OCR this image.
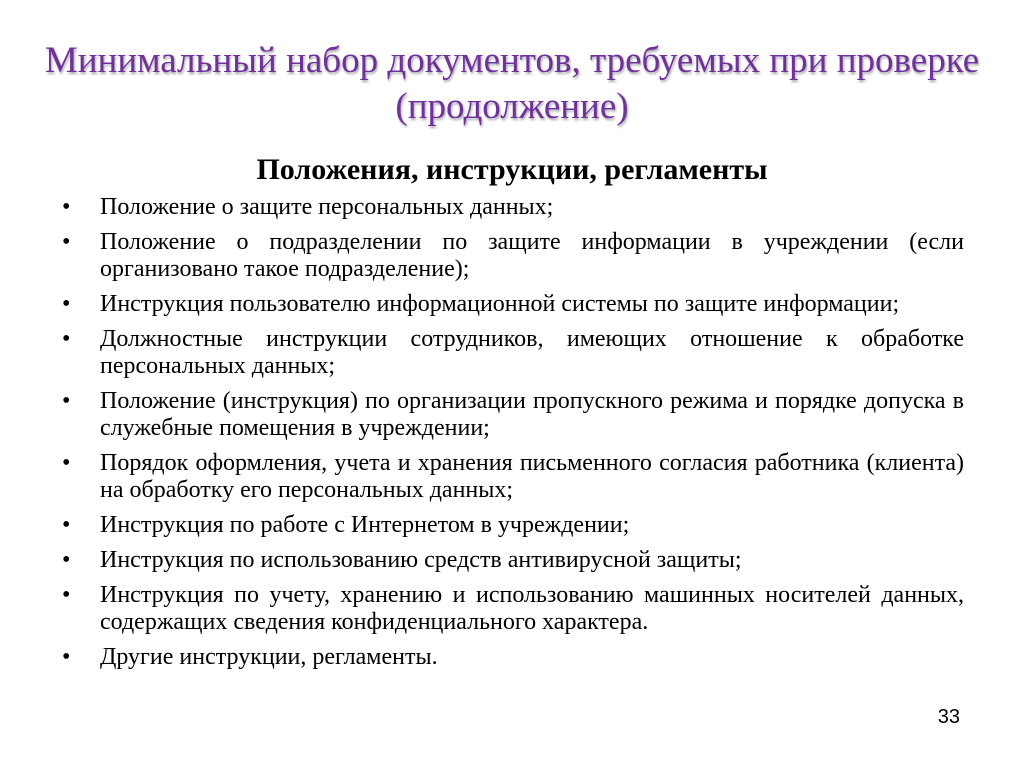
Минимальный набор документов, требуемых при проверке (продолжение)
Положения, инструкции, регламенты
• Положение о защите персональных данных;
• Положение о подразделении по защите информации в учреждении (если организовано такое подразделение);
• Инструкция пользователю информационной системы по защите информации;
• Должностные инструкции сотрудников, имеющих отношение к обработке персональных данных;
• Положение (инструкция) по организации пропускного режима и порядке допуска в служебные помещения в учреждении;
• Порядок оформления, учета и хранения письменного согласия работника (клиента) на обработку его персональных данных;
• Инструкция по работе с Интернетом в учреждении;
• Инструкция по использованию средств антивирусной защиты;
• Инструкция по учету, хранению и использованию машинных носителей данных, содержащих сведения конфиденциального характера.
• Другие инструкции, регламенты.
33
